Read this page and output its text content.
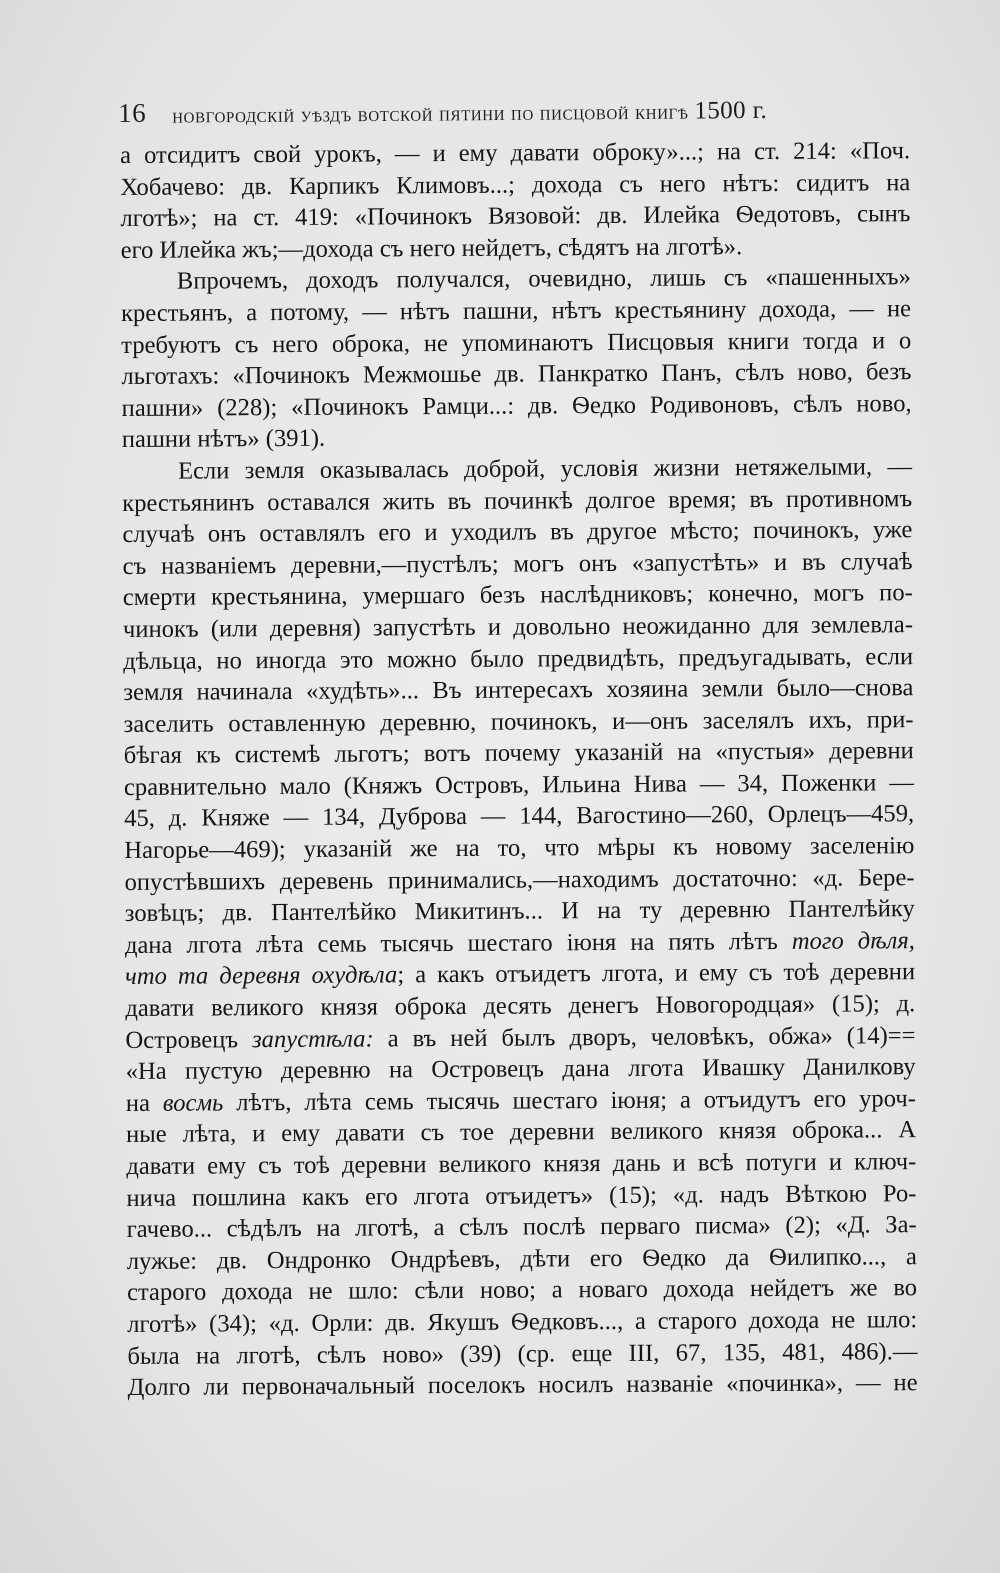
16 новгородскій уѣздъ вотской пятини по писцовой книгѣ 1500 г.
а отсидитъ свой урокъ, — и ему давати оброку»...; на ст. 214: «Поч.
Хобачево: дв. Карпикъ Климовъ...; дохода съ него нѣтъ: сидитъ на
лготѣ»; на ст. 419: «Починокъ Вязовой: дв. Илейка Ѳедотовъ, сынъ
его Илейка жъ;—дохода съ него нейдетъ, сѣдятъ на лготѣ».
Впрочемъ, доходъ получался, очевидно, лишь съ «пашенныхъ»
крестьянъ, а потому, — нѣтъ пашни, нѣтъ крестьянину дохода, — не
требуютъ съ него оброка, не упоминаютъ Писцовыя книги тогда и о
льготахъ: «Починокъ Межмошье дв. Панкратко Панъ, сѣлъ ново, безъ
пашни» (228); «Починокъ Рамци...: дв. Ѳедко Родивоновъ, сѣлъ ново,
пашни нѣтъ» (391).
Если земля оказывалась доброй, условія жизни нетяжелыми, —
крестьянинъ оставался жить въ починкѣ долгое время; въ противномъ
случаѣ онъ оставлялъ его и уходилъ въ другое мѣсто; починокъ, уже
съ названіемъ деревни,—пустѣлъ; могъ онъ «запустѣть» и въ случаѣ
смерти крестьянина, умершаго безъ наслѣдниковъ; конечно, могъ по-
чинокъ (или деревня) запустѣть и довольно неожиданно для землевла-
дѣльца, но иногда это можно было предвидѣть, предъугадывать, если
земля начинала «худѣть»... Въ интересахъ хозяина земли было—снова
заселить оставленную деревню, починокъ, и—онъ заселялъ ихъ, при-
бѣгая къ системѣ льготъ; вотъ почему указаній на «пустыя» деревни
сравнительно мало (Княжъ Островъ, Ильина Нива — 34, Поженки —
45, д. Княже — 134, Дуброва — 144, Вагостино—260, Орлецъ—459,
Нагорье—469); указаній же на то, что мѣры къ новому заселенію
опустѣвшихъ деревень принимались,—находимъ достаточно: «д. Бере-
зовѣцъ; дв. Пантелѣйко Микитинъ... И на ту деревню Пантелѣйку
дана лгота лѣта семь тысячь шестаго іюня на пять лѣтъ того дѣля,
что та деревня охудѣла; а какъ отъидетъ лгота, и ему съ тоѣ деревни
давати великого князя оброка десять денегъ Новогородцая» (15); д.
Островецъ запустѣла: а въ ней былъ дворъ, человѣкъ, обжа» (14)==
«На пустую деревню на Островецъ дана лгота Ивашку Данилкову
на восмь лѣтъ, лѣта семь тысячь шестаго іюня; а отъидутъ его уроч-
ные лѣта, и ему давати съ тое деревни великого князя оброка... А
давати ему съ тоѣ деревни великого князя дань и всѣ потуги и ключ-
нича пошлина какъ его лгота отъидетъ» (15); «д. надъ Вѣткою Ро-
гачево... сѣдѣлъ на лготѣ, а сѣлъ послѣ перваго писма» (2); «Д. За-
лужье: дв. Ондронко Ондрѣевъ, дѣти его Ѳедко да Ѳилипко..., а
старого дохода не шло: сѣли ново; а новаго дохода нейдетъ же во
лготѣ» (34); «д. Орли: дв. Якушъ Ѳедковъ..., а старого дохода не шло:
была на лготѣ, сѣлъ ново» (39) (ср. еще III, 67, 135, 481, 486).—
Долго ли первоначальный поселокъ носилъ названіе «починка», — не
